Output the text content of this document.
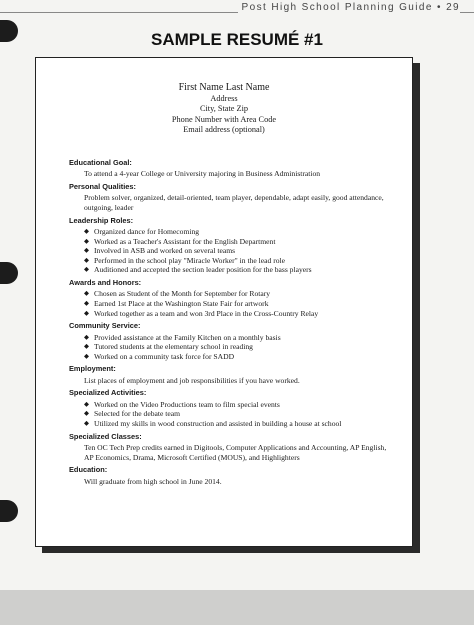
Post High School Planning Guide • 29
SAMPLE RESUMÉ #1
First Name Last Name
Address
City, State Zip
Phone Number with Area Code
Email address (optional)
Educational Goal:

To attend a 4-year College or University majoring in Business Administration

Personal Qualities:

Problem solver, organized, detail-oriented, team player, dependable, adapt easily, good attendance, outgoing, leader

Leadership Roles:
◆ Organized dance for Homecoming
◆ Worked as a Teacher's Assistant for the English Department
◆ Involved in ASB and worked on several teams
◆ Performed in the school play "Miracle Worker" in the lead role
◆ Auditioned and accepted the section leader position for the bass players
Awards and Honors:
◆ Chosen as Student of the Month for September for Rotary
◆ Earned 1st Place at the Washington State Fair for artwork
◆ Worked together as a team and won 3rd Place in the Cross-Country Relay
Community Service:
◆ Provided assistance at the Family Kitchen on a monthly basis
◆ Tutored students at the elementary school in reading
◆ Worked on a community task force for SADD
Employment:

List places of employment and job responsibilities if you have worked.

Specialized Activities:
◆ Worked on the Video Productions team to film special events
◆ Selected for the debate team
◆ Utilized my skills in wood construction and assisted in building a house at school
Specialized Classes:

Ten OC Tech Prep credits earned in Digitools, Computer Applications and Accounting, AP English, AP Economics, Drama, Microsoft Certified (MOUS), and Highlighters

Education:

Will graduate from high school in June 2014.
